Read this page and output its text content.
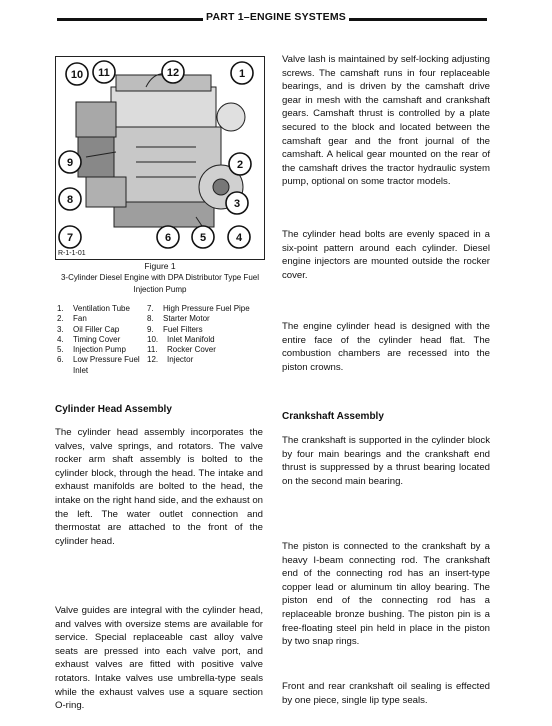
PART 1–ENGINE SYSTEMS
10 11	12	1
9	2
8	3
7	6	5	4
R-1-1-01
Figure 1
3-Cylinder Diesel Engine with DPA Distributor Type Fuel Injection Pump
1. Ventilation Tube
2. Fan
3. Oil Filler Cap
4. Timing Cover
5. Injection Pump
6. Low Pressure Fuel
Inlet
7. High Pressure Fuel Pipe
8. Starter Motor
9. Fuel Filters
10. Inlet Manifold
11. Rocker Cover
12. Injector
Cylinder Head Assembly
The cylinder head assembly incorporates the valves, valve springs, and rotators. The valve rocker arm shaft assembly is bolted to the cylinder block, through the head. The intake and exhaust manifolds are bolted to the head, the intake on the right hand side, and the exhaust on the left. The water outlet connection and thermostat are attached to the front of the cylinder head.
Valve guides are integral with the cylinder head, and valves with oversize stems are available for service. Special replaceable cast alloy valve seats are pressed into each valve port, and exhaust valves are fitted with positive valve rotators. Intake valves use umbrella-type seals while the exhaust valves use a square section O-ring.
Valve lash is maintained by self-locking adjusting screws. The camshaft runs in four replaceable bearings, and is driven by the camshaft drive gear in mesh with the camshaft and crankshaft gears. Camshaft thrust is controlled by a plate secured to the block and located between the camshaft gear and the front journal of the camshaft. A helical gear mounted on the rear of the camshaft drives the tractor hydraulic system pump, optional on some tractor models.
The cylinder head bolts are evenly spaced in a six-point pattern around each cylinder. Diesel engine injectors are mounted outside the rocker cover.
The engine cylinder head is designed with the entire face of the cylinder head flat. The combustion chambers are recessed into the piston crowns.
Crankshaft Assembly
The crankshaft is supported in the cylinder block by four main bearings and the crankshaft end thrust is suppressed by a thrust bearing located on the second main bearing.
The piston is connected to the crankshaft by a heavy I-beam connecting rod. The crankshaft end of the connecting rod has an insert-type copper lead or aluminum tin alloy bearing. The piston end of the connecting rod has a replaceable bronze bushing. The piston pin is a free-floating steel pin held in place in the piston by two snap rings.
Front and rear crankshaft oil sealing is effected by one piece, single lip type seals.
